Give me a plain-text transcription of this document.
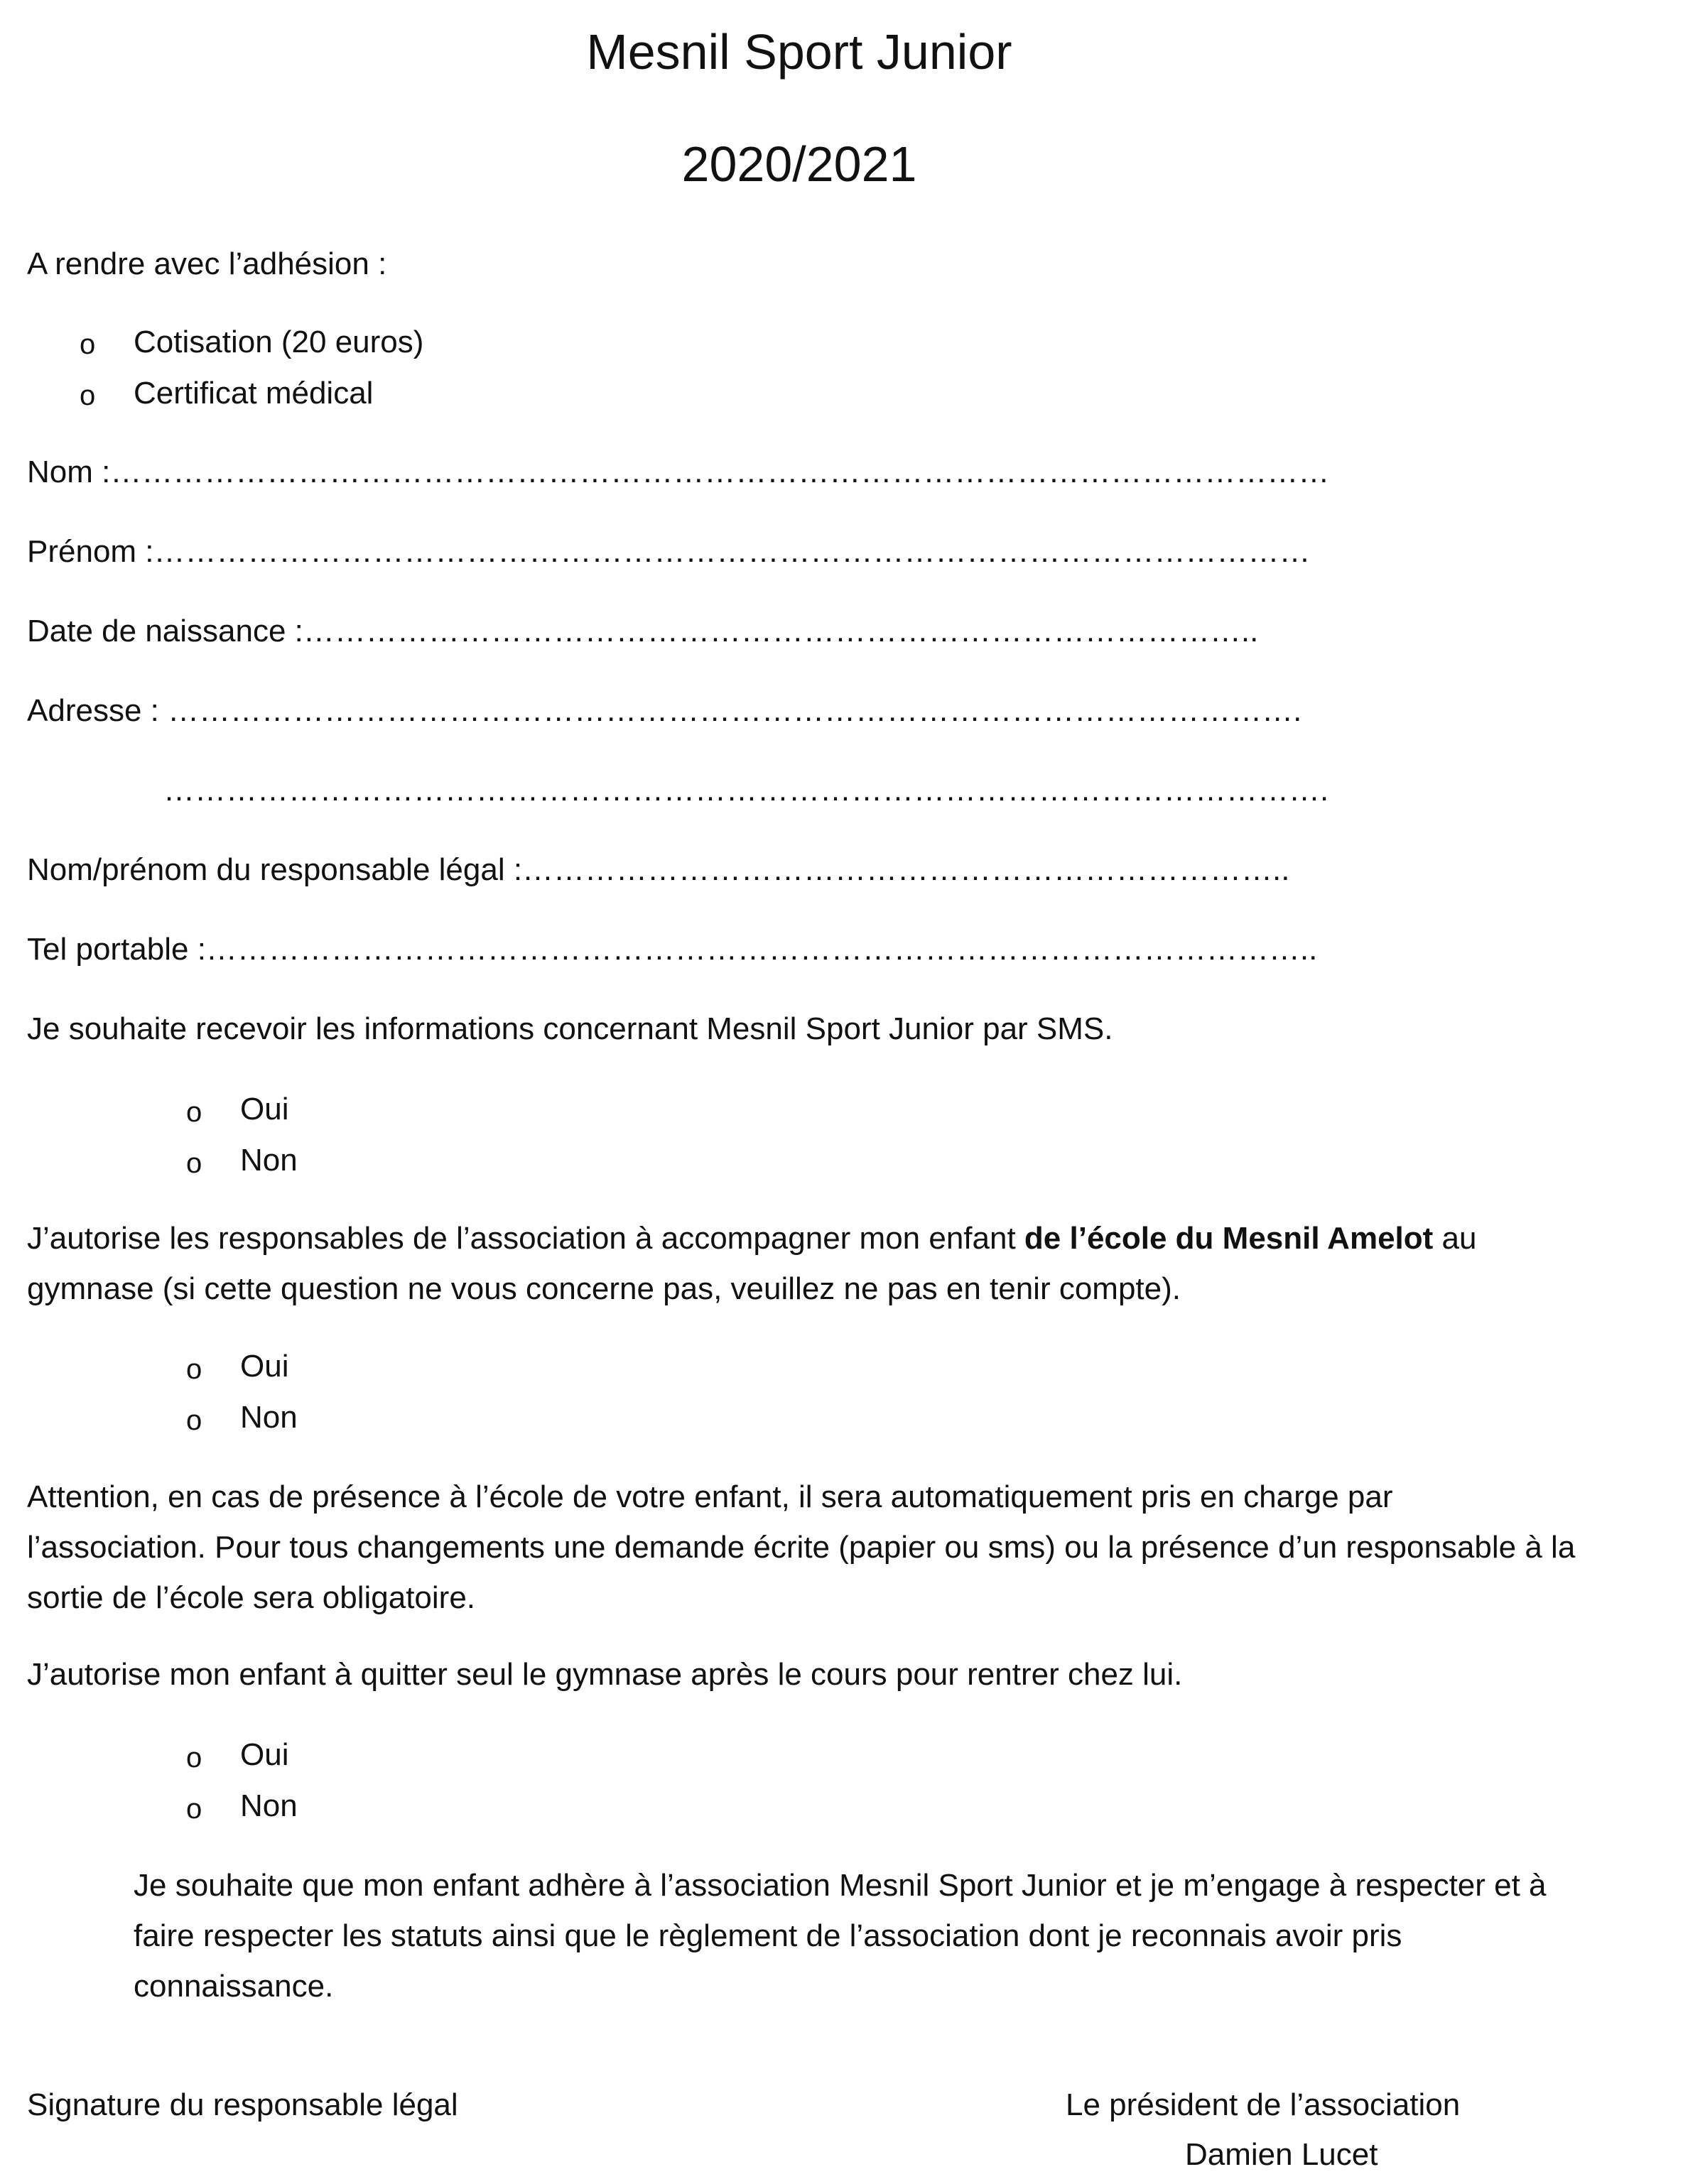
Mesnil Sport Junior
2020/2021
A rendre avec l’adhésion :
o Cotisation (20 euros)
o Certificat médical
Nom :………………………………………………………………………………………………………
Prénom :…………………………………………………………………………………………………
Date de naissance :………………………………………………………………………………..
Adresse : ……………………………………………………………………………………………….
………………………………………………………………………………………………….
Nom/prénom du responsable légal :………………………………………………………………..
Tel portable :……………………………………………………………………………………………..
Je souhaite recevoir les informations concernant Mesnil Sport Junior par SMS.
o Oui
o Non
J’autorise les responsables de l’association à accompagner mon enfant de l’école du Mesnil Amelot au gymnase (si cette question ne vous concerne pas, veuillez ne pas en tenir compte).
o Oui
o Non
Attention, en cas de présence à l’école de votre enfant, il sera automatiquement pris en charge par l’association. Pour tous changements une demande écrite (papier ou sms) ou la présence d’un responsable à la sortie de l’école sera obligatoire.
J’autorise mon enfant à quitter seul le gymnase après le cours pour rentrer chez lui.
o Oui
o Non
Je souhaite que mon enfant adhère à l’association Mesnil Sport Junior et je m’engage à respecter et à faire respecter les statuts ainsi que le règlement de l’association dont je reconnais avoir pris connaissance.
Signature du responsable légal	Le président de l’association
Damien Lucet
